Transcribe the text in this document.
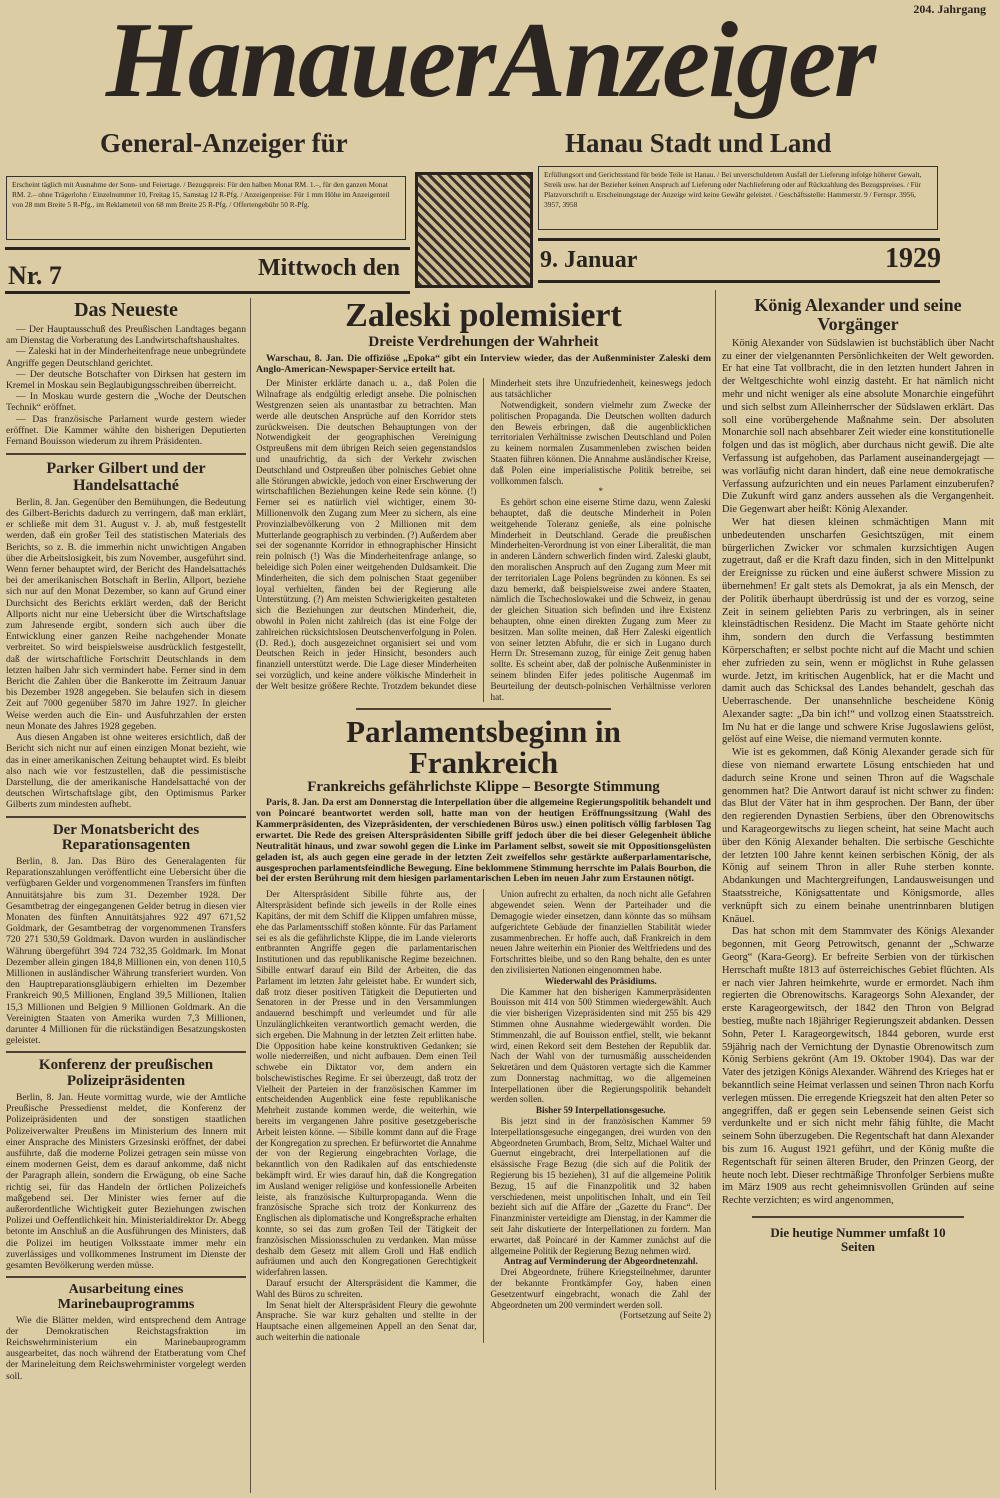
204. Jahrgang
HanauerAnzeiger
General-Anzeiger für	Hanau Stadt und Land
Erscheint täglich mit Ausnahme der Sonn- und Feiertage. / Bezugspreis: Für den halben Monat RM. 1.–, für den ganzen Monat RM. 2.– ohne Trägerlohn / Einzelnummer 10, Freitag 15, Samstag 12 R-Pfg. / Anzeigenpreise: Für 1 mm Höhe im Anzeigenteil von 28 mm Breite 5 R-Pfg., im Reklameteil von 68 mm Breite 25 R-Pfg. / Offertengebühr 50 R-Pfg.
Erfüllungsort und Gerichtsstand für beide Teile ist Hanau. / Bei unverschuldetem Ausfall der Lieferung infolge höherer Gewalt, Streik usw. hat der Bezieher keinen Anspruch auf Lieferung oder Nachlieferung oder auf Rückzahlung des Bezugspreises. / Für Platzvorschrift u. Erscheinungstage der Anzeige wird keine Gewähr geleistet. / Geschäftsstelle: Hammerstr. 9 / Fernspr. 3956, 3957, 3958
Nr. 7	Mittwoch den	9. Januar	1929
Das Neueste

— Der Hauptausschuß des Preußischen Landtages begann am Dienstag die Vorberatung des Landwirtschaftshaushaltes.

— Zaleski hat in der Minderheitenfrage neue unbegründete Angriffe gegen Deutschland gerichtet.

— Der deutsche Botschafter von Dirksen hat gestern im Kremel in Moskau sein Beglaubigungsschreiben überreicht.

— In Moskau wurde gestern die „Woche der Deutschen Technik“ eröffnet.

— Das französische Parlament wurde gestern wieder eröffnet. Die Kammer wählte den bisherigen Deputierten Fernand Bouisson wiederum zu ihrem Präsidenten.

Parker Gilbert und der Handelsattaché

Berlin, 8. Jan. Gegenüber den Bemühungen, die Bedeutung des Gilbert-Berichts dadurch zu verringern, daß man erklärt, er schließe mit dem 31. August v. J. ab, muß festgestellt werden, daß ein großer Teil des statistischen Materials des Berichts, so z. B. die immerhin nicht unwichtigen Angaben über die Arbeitslosigkeit, bis zum November, ausgeführt sind. Wenn ferner behauptet wird, der Bericht des Handelsattachés bei der amerikanischen Botschaft in Berlin, Allport, beziehe sich nur auf den Monat Dezember, so kann auf Grund einer Durchsicht des Berichts erklärt werden, daß der Bericht Allports nicht nur eine Uebersicht über die Wirtschaftslage zum Jahresende ergibt, sondern sich auch über die Entwicklung einer ganzen Reihe nachgehender Monate verbreitet. So wird beispielsweise ausdrücklich festgestellt, daß der wirtschaftliche Fortschritt Deutschlands in dem letzten halben Jahr sich vermindert habe. Ferner sind in dem Bericht die Zahlen über die Bankerotte im Zeitraum Januar bis Dezember 1928 angegeben. Sie belaufen sich in diesem Zeit auf 7000 gegenüber 5870 im Jahre 1927. In gleicher Weise werden auch die Ein- und Ausfuhrzahlen der ersten neun Monate des Jahres 1928 gegeben.

Aus diesen Angaben ist ohne weiteres ersichtlich, daß der Bericht sich nicht nur auf einen einzigen Monat bezieht, wie das in einer amerikanischen Zeitung behauptet wird. Es bleibt also nach wie vor festzustellen, daß die pessimistische Darstellung, die der amerikanische Handelsattaché von der deutschen Wirtschaftslage gibt, den Optimismus Parker Gilberts zum mindesten aufhebt.

Der Monatsbericht des Reparationsagenten

Berlin, 8. Jan. Das Büro des Generalagenten für Reparationszahlungen veröffentlicht eine Uebersicht über die verfügbaren Gelder und vorgenommenen Transfers im fünften Annuitätsjahre bis zum 31. Dezember 1928. Der Gesamtbetrag der eingegangenen Gelder betrug in diesen vier Monaten des fünften Annuitätsjahres 922 497 671,52 Goldmark, der Gesamtbetrag der vorgenommenen Transfers 720 271 530,59 Goldmark. Davon wurden in ausländischer Währung übergeführt 394 724 732,35 Goldmark. Im Monat Dezember allein gingen 184,8 Millionen ein, von denen 110,5 Millionen in ausländischer Währung transferiert wurden. Von den Hauptreparationsgläubigern erhielten im Dezember Frankreich 90,5 Millionen, England 39,5 Millionen, Italien 15,3 Millionen und Belgien 9 Millionen Goldmark. An die Vereinigten Staaten von Amerika wurden 7,3 Millionen, darunter 4 Millionen für die rückständigen Besatzungskosten geleistet.

Konferenz der preußischen Polizeipräsidenten

Berlin, 8. Jan. Heute vormittag wurde, wie der Amtliche Preußische Pressedienst meldet, die Konferenz der Polizeipräsidenten und der sonstigen staatlichen Polizeiverwalter Preußens im Ministerium des Innern mit einer Ansprache des Ministers Grzesinski eröffnet, der dabei ausführte, daß die moderne Polizei getragen sein müsse von einem modernen Geist, dem es darauf ankomme, daß nicht der Paragraph allein, sondern die Erwägung, ob eine Sache richtig sei, für das Handeln der örtlichen Polizeichefs maßgebend sei. Der Minister wies ferner auf die außerordentliche Wichtigkeit guter Beziehungen zwischen Polizei und Oeffentlichkeit hin. Ministerialdirektor Dr. Abegg betonte im Anschluß an die Ausführungen des Ministers, daß die Polizei im heutigen Volksstaate immer mehr ein zuverlässiges und vollkommenes Instrument im Dienste der gesamten Bevölkerung werden müsse.

Ausarbeitung eines Marinebauprogramms

Wie die Blätter melden, wird entsprechend dem Antrage der Demokratischen Reichstagsfraktion im Reichswehrministerium ein Marinebauprogramm ausgearbeitet, das noch während der Etatberatung vom Chef der Marineleitung dem Reichswehrminister vorgelegt werden soll.

Zaleski polemisiert
Dreiste Verdrehungen der Wahrheit

Warschau, 8. Jan. Die offiziöse „Epoka“ gibt ein Interview wieder, das der Außenminister Zaleski dem Anglo-American-Newspaper-Service erteilt hat.

Der Minister erklärte danach u. a., daß Polen die Wilnafrage als endgültig erledigt ansehe. Die polnischen Westgrenzen seien als unantastbar zu betrachten. Man werde alle deutschen Ansprüche auf den Korridor stets zurückweisen. Die deutschen Behauptungen von der Notwendigkeit der geographischen Vereinigung Ostpreußens mit dem übrigen Reich seien gegenstandslos und unaufrichtig, da sich der Verkehr zwischen Deutschland und Ostpreußen über polnisches Gebiet ohne alle Störungen abwickle, jedoch von einer Erschwerung der wirtschaftlichen Beziehungen keine Rede sein könne. (!) Ferner sei es natürlich viel wichtiger, einem 30-Millionenvolk den Zugang zum Meer zu sichern, als eine Provinzialbevölkerung von 2 Millionen mit dem Mutterlande geographisch zu verbinden. (?) Außerdem aber sei der sogenannte Korridor in ethnographischer Hinsicht rein polnisch (!) Was die Minderheitenfrage anlange, so beleidige sich Polen einer weitgehenden Duldsamkeit. Die Minderheiten, die sich dem polnischen Staat gegenüber loyal verhielten, fänden bei der Regierung alle Unterstützung. (?) Am meisten Schwierigkeiten gestalteten sich die Beziehungen zur deutschen Minderheit, die, obwohl in Polen nicht zahlreich (das ist eine Folge der zahlreichen rücksichtslosen Deutschenverfolgung in Polen. (D. Red.), doch ausgezeichnet organisiert sei und vom Deutschen Reich in jeder Hinsicht, besonders auch finanziell unterstützt werde. Die Lage dieser Minderheiten sei vorzüglich, und keine andere völkische Minderheit in der Welt besitze größere Rechte. Trotzdem bekundet diese Minderheit stets ihre Unzufriedenheit, keineswegs jedoch aus tatsächlicher

Notwendigkeit, sondern vielmehr zum Zwecke der politischen Propaganda. Die Deutschen wollten dadurch den Beweis erbringen, daß die augenblicklichen territorialen Verhältnisse zwischen Deutschland und Polen zu keinem normalen Zusammenleben zwischen beiden Staaten führen können. Die Annahme ausländischer Kreise, daß Polen eine imperialistische Politik betreibe, sei vollkommen falsch.

*

Es gehört schon eine eiserne Stirne dazu, wenn Zaleski behauptet, daß die deutsche Minderheit in Polen weitgehende Toleranz genieße, als eine polnische Minderheit in Deutschland. Gerade die preußischen Minderheiten-Verordnung ist von einer Liberalität, die man in anderen Ländern schwerlich finden wird. Zaleski glaubt, den moralischen Anspruch auf den Zugang zum Meer mit der territorialen Lage Polens begründen zu können. Es sei dazu bemerkt, daß beispielsweise zwei andere Staaten, nämlich die Tschechoslowakei und die Schweiz, in genau der gleichen Situation sich befinden und ihre Existenz behaupten, ohne einen direkten Zugang zum Meer zu besitzen. Man sollte meinen, daß Herr Zaleski eigentlich von seiner letzten Abfuhr, die er sich in Lugano durch Herrn Dr. Stresemann zuzog, für einige Zeit genug haben sollte. Es scheint aber, daß der polnische Außenminister in seinem blinden Eifer jedes politische Augenmaß im Beurteilung der deutsch-polnischen Verhältnisse verloren hat.

Parlamentsbeginn in Frankreich
Frankreichs gefährlichste Klippe – Besorgte Stimmung

Paris, 8. Jan. Da erst am Donnerstag die Interpellation über die allgemeine Regierungspolitik behandelt und von Poincaré beantwortet werden soll, hatte man von der heutigen Eröffnungssitzung (Wahl des Kammerpräsidenten, des Vizepräsidenten, der verschiedenen Büros usw.) einen politisch völlig farblosen Tag erwartet. Die Rede des greisen Alterspräsidenten Sibille griff jedoch über die bei dieser Gelegenheit übliche Neutralität hinaus, und zwar sowohl gegen die Linke im Parlament selbst, soweit sie mit Oppositionsgelüsten geladen ist, als auch gegen eine gerade in der letzten Zeit zweifellos sehr gestärkte außerparlamentarische, ausgesprochen parlamentsfeindliche Bewegung. Eine beklommene Stimmung herrschte im Palais Bourbon, die bei der ersten Berührung mit dem hiesigen parlamentarischen Leben im neuen Jahr zum Erstaunen nötigt.

Der Alterspräsident Sibille führte aus, der Alterspräsident befinde sich jeweils in der Rolle eines Kapitäns, der mit dem Schiff die Klippen umfahren müsse, ehe das Parlamentsschiff stoßen könnte. Für das Parlament sei es als die gefährlichste Klippe, die im Lande vielerorts entbrannten Angriffe gegen die parlamentarischen Institutionen und das republikanische Regime bezeichnen. Sibille entwarf darauf ein Bild der Arbeiten, die das Parlament im letzten Jahr geleistet habe. Er wundert sich, daß trotz dieser positiven Tätigkeit die Deputierten und Senatoren in der Presse und in den Versammlungen andauernd beschimpft und verleumdet und für alle Unzulänglichkeiten verantwortlich gemacht werden, die sich ergeben. Die Mahnung in der letzten Zeit erlitten habe. Die Opposition habe keine konstruktiven Gedanken; sie wolle niederreißen, und nicht aufbauen. Dem einen Teil schwebe ein Diktator vor, dem andern ein bolschewistisches Regime. Er sei überzeugt, daß trotz der Vielheit der Parteien in der französischen Kammer im entscheidenden Augenblick eine feste republikanische Mehrheit zustande kommen werde, die weiterhin, wie bereits im vergangenen Jahre positive gesetzgeberische Arbeit leisten könne. — Sibille kommt dann auf die Frage der Kongregation zu sprechen. Er befürwortet die Annahme der von der Regierung eingebrachten Vorlage, die bekanntlich von den Radikalen auf das entschiedenste bekämpft wird. Er wies darauf hin, daß die Kongregation im Ausland weniger religiöse und konfessionelle Arbeiten leiste, als französische Kulturpropaganda. Wenn die französische Sprache sich trotz der Konkurrenz des Englischen als diplomatische und Kongreßsprache erhalten konnte, so sei das zum großen Teil der Tätigkeit der französischen Missionsschulen zu verdanken. Man müsse deshalb dem Gesetz mit allem Groll und Haß endlich aufräumen und auch den Kongregationen Gerechtigkeit widerfahren lassen.

Darauf ersucht der Alterspräsident die Kammer, die Wahl des Büros zu schreiten.

Im Senat hielt der Alterspräsident Fleury die gewohnte Ansprache. Sie war kurz gehalten und stellte in der Hauptsache einen allgemeinen Appell an den Senat dar, auch weiterhin die nationale

Union aufrecht zu erhalten, da noch nicht alle Gefahren abgewendet seien. Wenn der Parteihader und die Demagogie wieder einsetzen, dann könnte das so mühsam aufgerichtete Gebäude der finanziellen Stabilität wieder zusammenbrechen. Er hoffe auch, daß Frankreich in dem neuen Jahre weiterhin ein Pionier des Weltfriedens und des Fortschrittes bleibe, und so den Rang behalte, den es unter den zivilisierten Nationen eingenommen habe.

Wiederwahl des Präsidiums.

Die Kammer hat den bisherigen Kammerpräsidenten Bouisson mit 414 von 500 Stimmen wiedergewählt. Auch die vier bisherigen Vizepräsidenten sind mit 255 bis 429 Stimmen ohne Ausnahme wiedergewählt worden. Die Stimmenzahl, die auf Bouisson entfiel, stellt, wie bekannt wird, einen Rekord seit dem Bestehen der Republik dar. Nach der Wahl von der turnusmäßig ausscheidenden Sekretären und dem Quästoren vertagte sich die Kammer zum Donnerstag nachmittag, wo die allgemeinen Interpellationen über die Regierungspolitik behandelt werden sollen.

Bisher 59 Interpellationsgesuche.

Bis jetzt sind in der französischen Kammer 59 Interpellationsgesuche eingegangen, drei wurden von den Abgeordneten Grumbach, Brom, Seltz, Michael Walter und Guernut eingebracht, drei Interpellationen auf die elsässische Frage Bezug (die sich auf die Politik der Regierung bis 15 beziehen), 31 auf die allgemeine Politik Bezug, 15 auf die Finanzpolitik und 32 haben verschiedenen, meist unpolitischen Inhalt, und ein Teil bezieht sich auf die Affäre der „Gazette du Franc“. Der Finanzminister verteidigte am Dienstag, in der Kammer die seit Jahr diskutierte der Interpellationen zu fordern. Man erwartet, daß Poincaré in der Kammer zunächst auf die allgemeine Politik der Regierung Bezug nehmen wird.

Antrag auf Verminderung der Abgeordnetenzahl.

Drei Abgeordnete, frühere Kriegsteilnehmer, darunter der bekannte Frontkämpfer Goy, haben einen Gesetzentwurf eingebracht, wonach die Zahl der Abgeordneten um 200 vermindert werden soll.

(Fortsetzung auf Seite 2)

König Alexander und seine Vorgänger

König Alexander von Südslawien ist buchstäblich über Nacht zu einer der vielgenannten Persönlichkeiten der Welt geworden. Er hat eine Tat vollbracht, die in den letzten hundert Jahren in der Weltgeschichte wohl einzig dasteht. Er hat nämlich nicht mehr und nicht weniger als eine absolute Monarchie eingeführt und sich selbst zum Alleinherrscher der Südslawen erklärt. Das soll eine vorübergehende Maßnahme sein. Der absoluten Monarchie soll nach absehbarer Zeit wieder eine konstitutionelle folgen und das ist möglich, aber durchaus nicht gewiß. Die alte Verfassung ist aufgehoben, das Parlament auseinandergejagt — was vorläufig nicht daran hindert, daß eine neue demokratische Verfassung aufzurichten und ein neues Parlament einzuberufen? Die Zukunft wird ganz anders aussehen als die Vergangenheit. Die Gegenwart aber heißt: König Alexander.

Wer hat diesen kleinen schmächtigen Mann mit unbedeutenden unscharfen Gesichtszügen, mit einem bürgerlichen Zwicker vor schmalen kurzsichtigen Augen zugetraut, daß er die Kraft dazu finden, sich in den Mittelpunkt der Ereignisse zu rücken und eine äußerst schwere Mission zu übernehmen! Er galt stets als Demokrat, ja als ein Mensch, der der Politik überhaupt überdrüssig ist und der es vorzog, seine Zeit in seinem geliebten Paris zu verbringen, als in seiner kleinstädtischen Residenz. Die Macht im Staate gehörte nicht ihm, sondern den durch die Verfassung bestimmten Körperschaften; er selbst pochte nicht auf die Macht und schien eher zufrieden zu sein, wenn er möglichst in Ruhe gelassen wurde. Jetzt, im kritischen Augenblick, hat er die Macht und damit auch das Schicksal des Landes behandelt, geschah das Ueberraschende. Der unansehnliche bescheidene König Alexander sagte: „Da bin ich!“ und vollzog einen Staatsstreich. Im Nu hat er die lange und schwere Krise Jugoslawiens gelöst, gelöst auf eine Weise, die niemand vermuten konnte.

Wie ist es gekommen, daß König Alexander gerade sich für diese von niemand erwartete Lösung entschieden hat und dadurch seine Krone und seinen Thron auf die Wagschale genommen hat? Die Antwort darauf ist nicht schwer zu finden: das Blut der Väter hat in ihm gesprochen. Der Bann, der über den regierenden Dynastien Serbiens, über den Obrenowitschs und Karageorgewitschs zu liegen scheint, hat seine Macht auch über den König Alexander behalten. Die serbische Geschichte der letzten 100 Jahre kennt keinen serbischen König, der als König auf seinem Thron in aller Ruhe sterben konnte. Abdankungen und Machtergreifungen, Landausweisungen und Staatsstreiche, Königsattentate und Königsmorde, alles verknüpft sich zu einem beinahe unentrinnbaren blutigen Knäuel.

Das hat schon mit dem Stammvater des Königs Alexander begonnen, mit Georg Petrowitsch, genannt der „Schwarze Georg“ (Kara-Georg). Er befreite Serbien von der türkischen Herrschaft mußte 1813 auf österreichisches Gebiet flüchten. Als er nach vier Jahren heimkehrte, wurde er ermordet. Nach ihm regierten die Obrenowitschs. Karageorgs Sohn Alexander, der erste Karageorgewitsch, der 1842 den Thron von Belgrad bestieg, mußte nach 18jähriger Regierungszeit abdanken. Dessen Sohn, Peter I. Karageorgewitsch, 1844 geboren, wurde erst 59jährig nach der Vernichtung der Dynastie Obrenowitsch zum König Serbiens gekrönt (Am 19. Oktober 1904). Das war der Vater des jetzigen Königs Alexander. Während des Krieges hat er bekanntlich seine Heimat verlassen und seinen Thron nach Korfu verlegen müssen. Die erregende Kriegszeit hat den alten Peter so angegriffen, daß er gegen sein Lebensende seinen Geist sich verdunkelte und er sich nicht mehr fähig fühlte, die Macht seinem Sohn überzugeben. Die Regentschaft hat dann Alexander bis zum 16. August 1921 geführt, und der König mußte die Regentschaft für seinen älteren Bruder, den Prinzen Georg, der heute noch lebt. Dieser rechtmäßige Thronfolger Serbiens mußte im März 1909 aus recht geheimnisvollen Gründen auf seine Rechte verzichten; es wird angenommen,

Die heutige Nummer umfaßt 10 Seiten
